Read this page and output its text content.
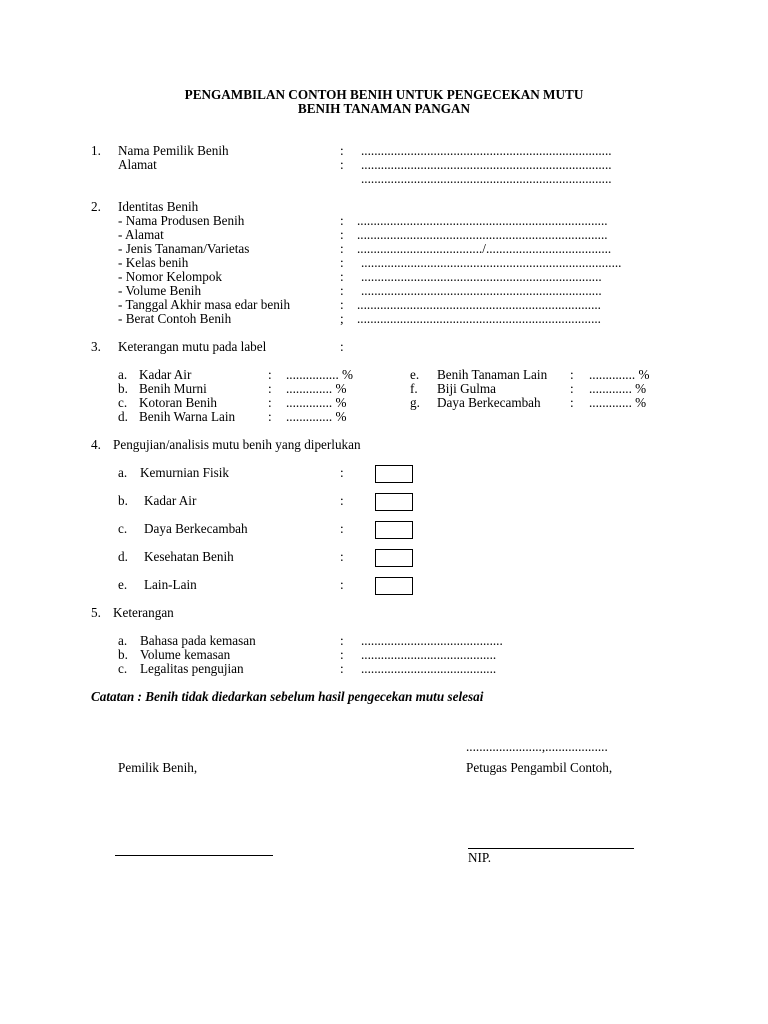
PENGAMBILAN CONTOH BENIH UNTUK PENGECEKAN MUTU
BENIH TANAMAN PANGAN
1. Nama Pemilik Benih	: ............................................................................
Alamat	: ............................................................................
............................................................................
2. Identitas Benih
- Nama Produsen Benih	: ............................................................................
- Alamat	: ............................................................................
- Jenis Tanaman/Varietas	: ....................................../......................................
- Kelas benih	: ...............................................................................
- Nomor Kelompok	: .........................................................................
- Volume Benih	: .........................................................................
- Tanggal Akhir masa edar benih	: ..........................................................................
- Berat Contoh Benih	; ..........................................................................
3. Keterangan mutu pada label	:
a. Kadar Air	: ................ %
b. Benih Murni	: .............. %
c. Kotoran Benih	: .............. %
d. Benih Warna Lain : .............. %
e. Benih Tanaman Lain : .............. %
f. Biji Gulma	: ............. %
g. Daya Berkecambah : ............. %
4. Pengujian/analisis mutu benih yang diperlukan
a. Kemurnian Fisik	:
b. Kadar Air	:
c. Daya Berkecambah	:
d. Kesehatan Benih	:
e. Lain-Lain	:
5. Keterangan
a. Bahasa pada kemasan	: ...........................................
b. Volume kemasan	: .........................................
c. Legalitas pengujian	: .........................................
Catatan : Benih tidak diedarkan sebelum hasil pengecekan mutu selesai
.......................,...................
Pemilik Benih,	Petugas Pengambil Contoh,
NIP.
